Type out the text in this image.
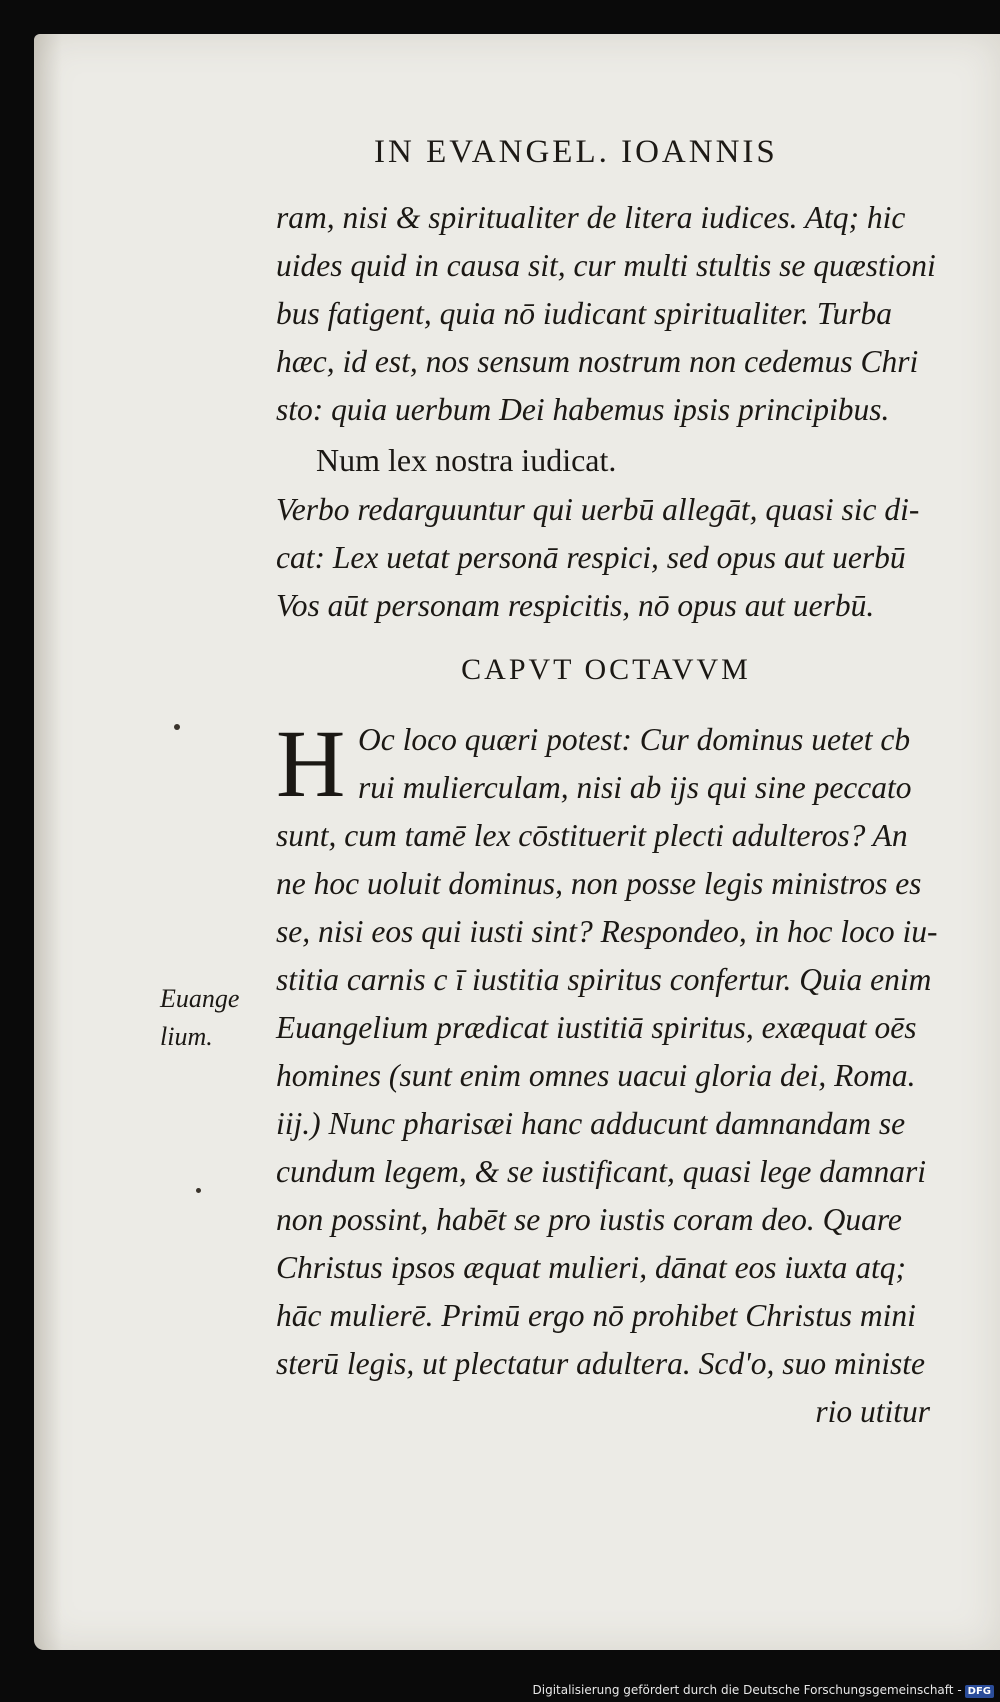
IN EVANGEL. IOANNIS
Euange
lium.
ram, nisi & spiritualiter de litera iudices. Atq; hic
uides quid in causa sit, cur multi stultis se quæstioni
bus fatigent, quia nō iudicant spiritualiter. Turba
hæc, id est, nos sensum nostrum non cedemus Chri
sto: quia uerbum Dei habemus ipsis principibus.
Num lex nostra iudicat.
Verbo redarguuntur qui uerbū allegāt, quasi sic di-
cat: Lex uetat personā respici, sed opus aut uerbū
Vos aūt personam respicitis, nō opus aut uerbū.
CAPVT OCTAVVM
H Oc loco quæri potest: Cur dominus uetet cb
rui mulierculam, nisi ab ijs qui sine peccato
sunt, cum tamē lex cōstituerit plecti adulteros? An
ne hoc uoluit dominus, non posse legis ministros es
se, nisi eos qui iusti sint? Respondeo, in hoc loco iu-
stitia carnis c ī iustitia spiritus confertur. Quia enim
Euangelium prædicat iustitiā spiritus, exæquat oēs
homines (sunt enim omnes uacui gloria dei, Roma.
iij.) Nunc pharisæi hanc adducunt damnandam se
cundum legem, & se iustificant, quasi lege damnari
non possint, habēt se pro iustis coram deo. Quare
Christus ipsos æquat mulieri, dānat eos iuxta atq;
hāc mulierē. Primū ergo nō prohibet Christus mini
sterū legis, ut plectatur adultera. Scd'o, suo ministe
rio utitur
Digitalisierung gefördert durch die Deutsche Forschungsgemeinschaft - DFG
